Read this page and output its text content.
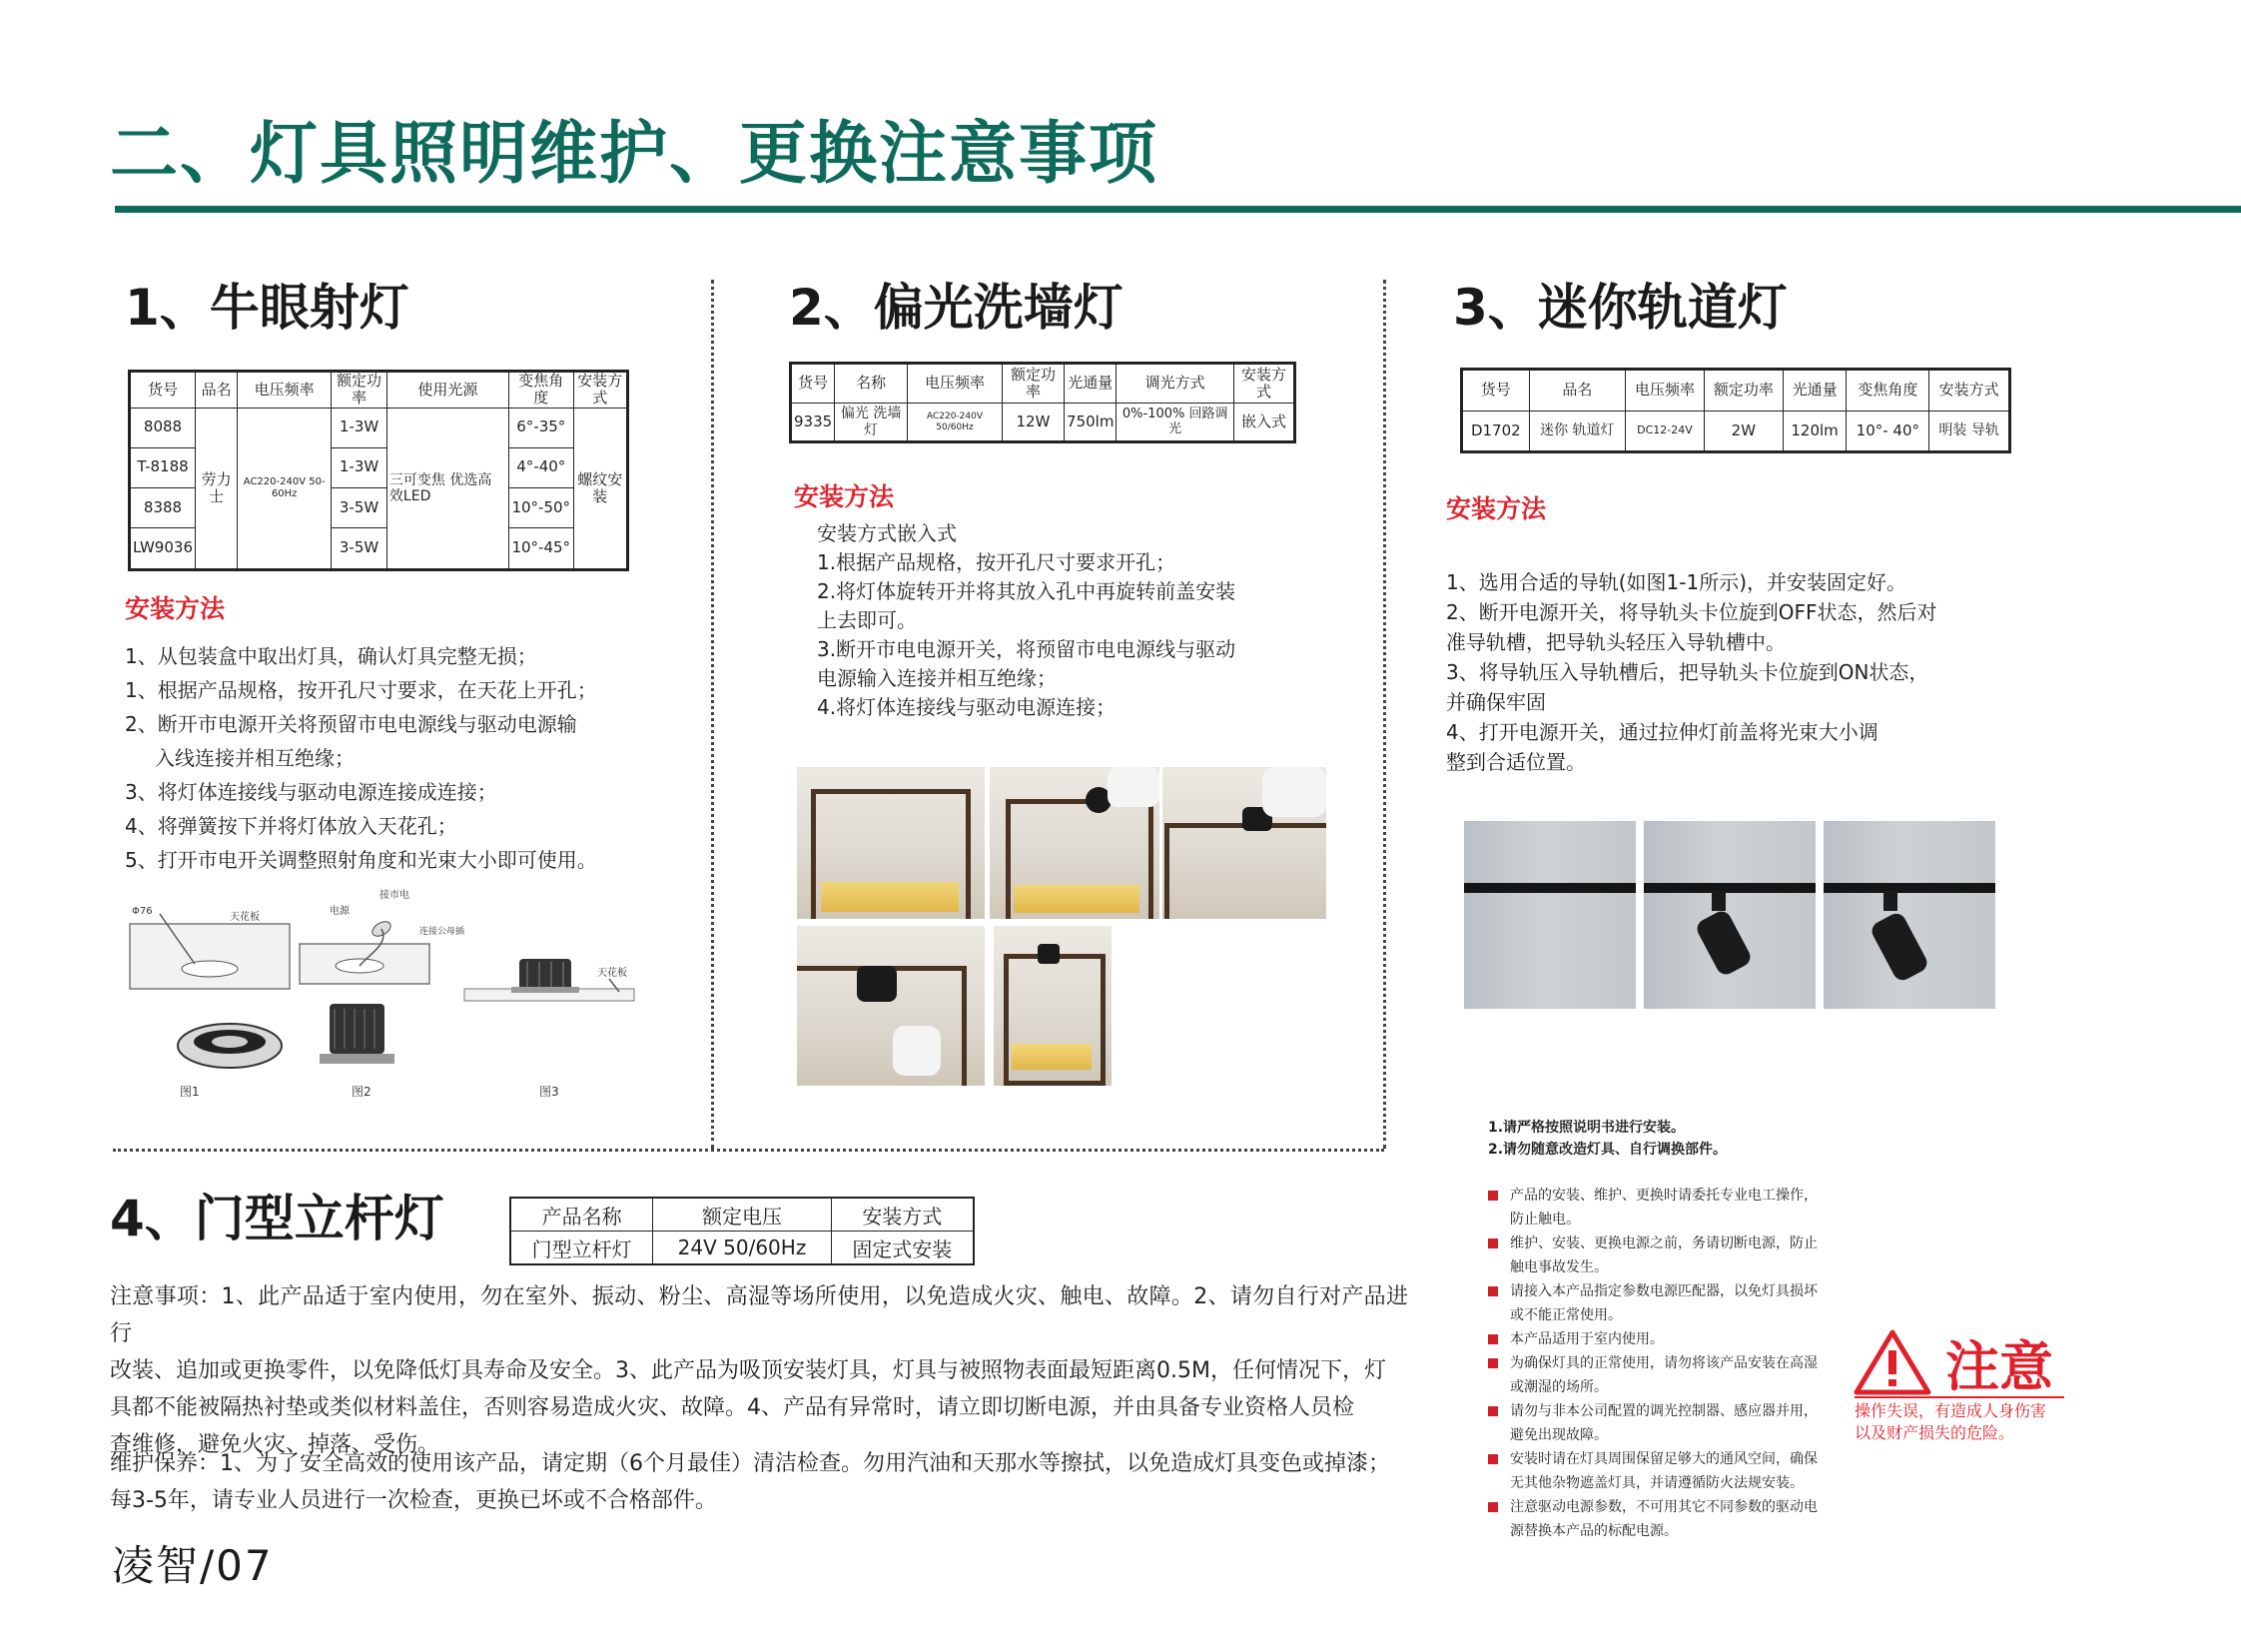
二、灯具照明维护、更换注意事项
1、牛眼射灯
货号	品名	电压频率	额定功率	使用光源	变焦角度	安装方式
8088	劳力士	AC220-240V 50-60Hz	1-3W	三可变焦 优选高 效LED	6°-35°	螺纹安装
T-8188			1-3W		4°-40°	
8388			3-5W		10°-50°	
LW9036			3-5W		10°-45°	
安装方法
1、从包装盒中取出灯具，确认灯具完整无损；
1、根据产品规格，按开孔尺寸要求，在天花上开孔；
2、断开市电源开关将预留市电电源线与驱动电源输
入线连接并相互绝缘；
3、将灯体连接线与驱动电源连接成连接；
4、将弹簧按下并将灯体放入天花孔；
5、打开市电开关调整照射角度和光束大小即可使用。
Φ76
天花板
电源
接市电
连接公母插
天花板
图1	图2	图3
2、偏光洗墙灯
货号	名称	电压频率	额定功率	光通量	调光方式	安装方式
9335	偏光 洗墙灯	AC220-240V 50/60Hz	12W	750lm	0%-100% 回路调光	嵌入式
安装方法
安装方式嵌入式
1.根据产品规格，按开孔尺寸要求开孔；
2.将灯体旋转开并将其放入孔中再旋转前盖安装
上去即可。
3.断开市电电源开关，将预留市电电源线与驱动
电源输入连接并相互绝缘；
4.将灯体连接线与驱动电源连接；
3、迷你轨道灯
货号	品名	电压频率	额定功率	光通量	变焦角度	安装方式
D1702	迷你 轨道灯	DC12-24V	2W	120lm	10°- 40°	明装 导轨
安装方法
1、选用合适的导轨(如图1-1所示)，并安装固定好。
2、断开电源开关，将导轨头卡位旋到OFF状态，然后对
准导轨槽，把导轨头轻压入导轨槽中。
3、将导轨压入导轨槽后，把导轨头卡位旋到ON状态，
并确保牢固
4、打开电源开关，通过拉伸灯前盖将光束大小调
整到合适位置。
1.请严格按照说明书进行安装。
2.请勿随意改造灯具、自行调换部件。
产品的安装、维护、更换时请委托专业电工操作，
防止触电。
维护、安装、更换电源之前，务请切断电源，防止
触电事故发生。
请接入本产品指定参数电源匹配器，以免灯具损坏
或不能正常使用。
本产品适用于室内使用。
为确保灯具的正常使用，请勿将该产品安装在高湿
或潮湿的场所。
请勿与非本公司配置的调光控制器、感应器并用，
避免出现故障。
安装时请在灯具周围保留足够大的通风空间，确保
无其他杂物遮盖灯具，并请遵循防火法规安装。
注意驱动电源参数，不可用其它不同参数的驱动电
源替换本产品的标配电源。
注意
操作失误，有造成人身伤害
以及财产损失的危险。
4、门型立杆灯	产品名称	额定电压	安装方式
门型立杆灯	24V 50/60Hz	固定式安装
注意事项：1、此产品适于室内使用，勿在室外、振动、粉尘、高湿等场所使用，以免造成火灾、触电、故障。2、请勿自行对产品进行
改装、追加或更换零件，以免降低灯具寿命及安全。3、此产品为吸顶安装灯具，灯具与被照物表面最短距离0.5M，任何情况下，灯
具都不能被隔热衬垫或类似材料盖住，否则容易造成火灾、故障。4、产品有异常时，请立即切断电源，并由具备专业资格人员检
查维修，避免火灾、掉落、受伤。
维护保养：1、为了安全高效的使用该产品，请定期（6个月最佳）清洁检查。勿用汽油和天那水等擦拭，以免造成灯具变色或掉漆；
每3-5年，请专业人员进行一次检查，更换已坏或不合格部件。
凌智/07
